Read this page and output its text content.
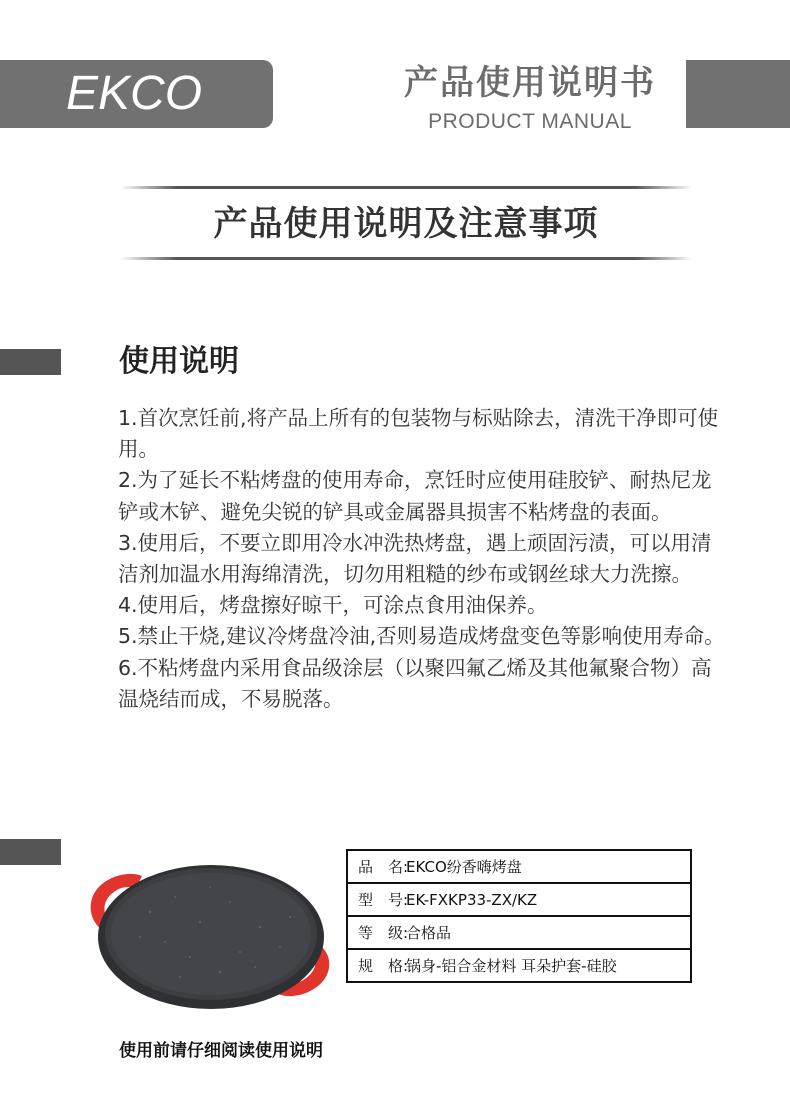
EKCO	产品使用说明书
PRODUCT MANUAL
产品使用说明及注意事项
使用说明

1.首次烹饪前,将产品上所有的包装物与标贴除去，清洗干净即可使用。

2.为了延长不粘烤盘的使用寿命，烹饪时应使用硅胶铲、耐热尼龙铲或木铲、避免尖锐的铲具或金属器具损害不粘烤盘的表面。

3.使用后，不要立即用冷水冲洗热烤盘，遇上顽固污渍，可以用清洁剂加温水用海绵清洗，切勿用粗糙的纱布或钢丝球大力洗擦。

4.使用后，烤盘擦好晾干，可涂点食用油保养。

5.禁止干烧,建议冷烤盘冷油,否则易造成烤盘变色等影响使用寿命。

6.不粘烤盘内采用食品级涂层（以聚四氟乙烯及其他氟聚合物）高温烧结而成，不易脱落。

品　名:EKCO纷香嗨烤盘
型　号:EK-FXKP33-ZX/KZ
等　级:合格品
规　格:锅身-铝合金材料 耳朵护套-硅胶
使用前请仔细阅读使用说明
